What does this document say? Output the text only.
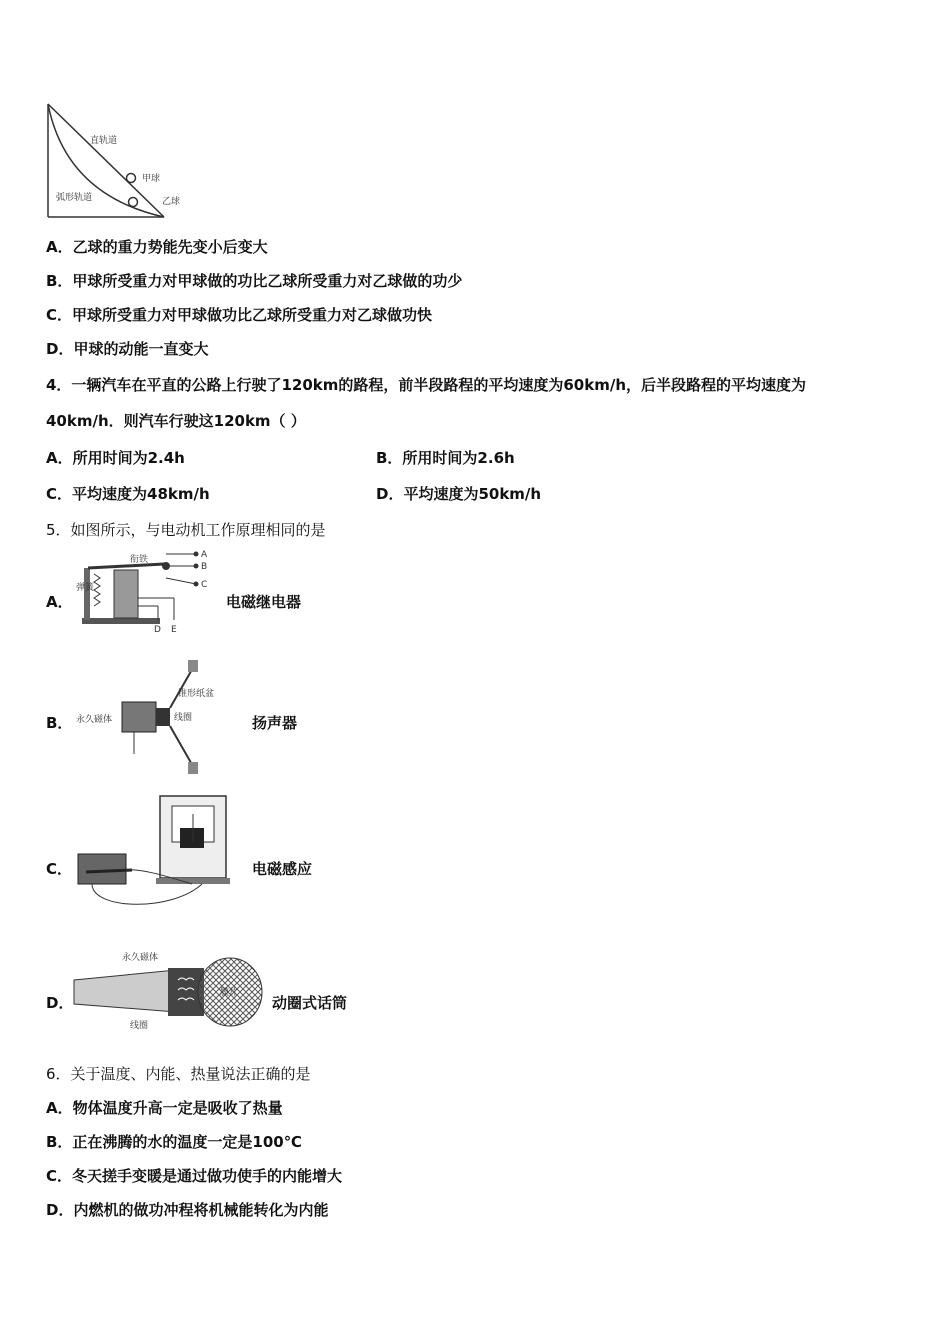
直轨道
甲球
弧形轨道	乙球
A．乙球的重力势能先变小后变大
B．甲球所受重力对甲球做的功比乙球所受重力对乙球做的功少
C．甲球所受重力对甲球做功比乙球所受重力对乙球做功快
D．甲球的动能一直变大
4．一辆汽车在平直的公路上行驶了120km的路程，前半段路程的平均速度为60km/h，后半段路程的平均速度为
40km/h．则汽车行驶这120km（ ）
A．所用时间为2.4h	B．所用时间为2.6h
C．平均速度为48km/h	D．平均速度为50km/h
5．如图所示，与电动机工作原理相同的是
A．
衔铁
弹簧
A
B
C
D E
电磁继电器
B． 永久磁体
锥形纸盆
线圈	扬声器
C．	电磁感应
D．
永久磁体
线圈
膜片
动圈式话筒
6．关于温度、内能、热量说法正确的是
A．物体温度升高一定是吸收了热量
B．正在沸腾的水的温度一定是100℃
C．冬天搓手变暖是通过做功使手的内能增大
D．内燃机的做功冲程将机械能转化为内能
